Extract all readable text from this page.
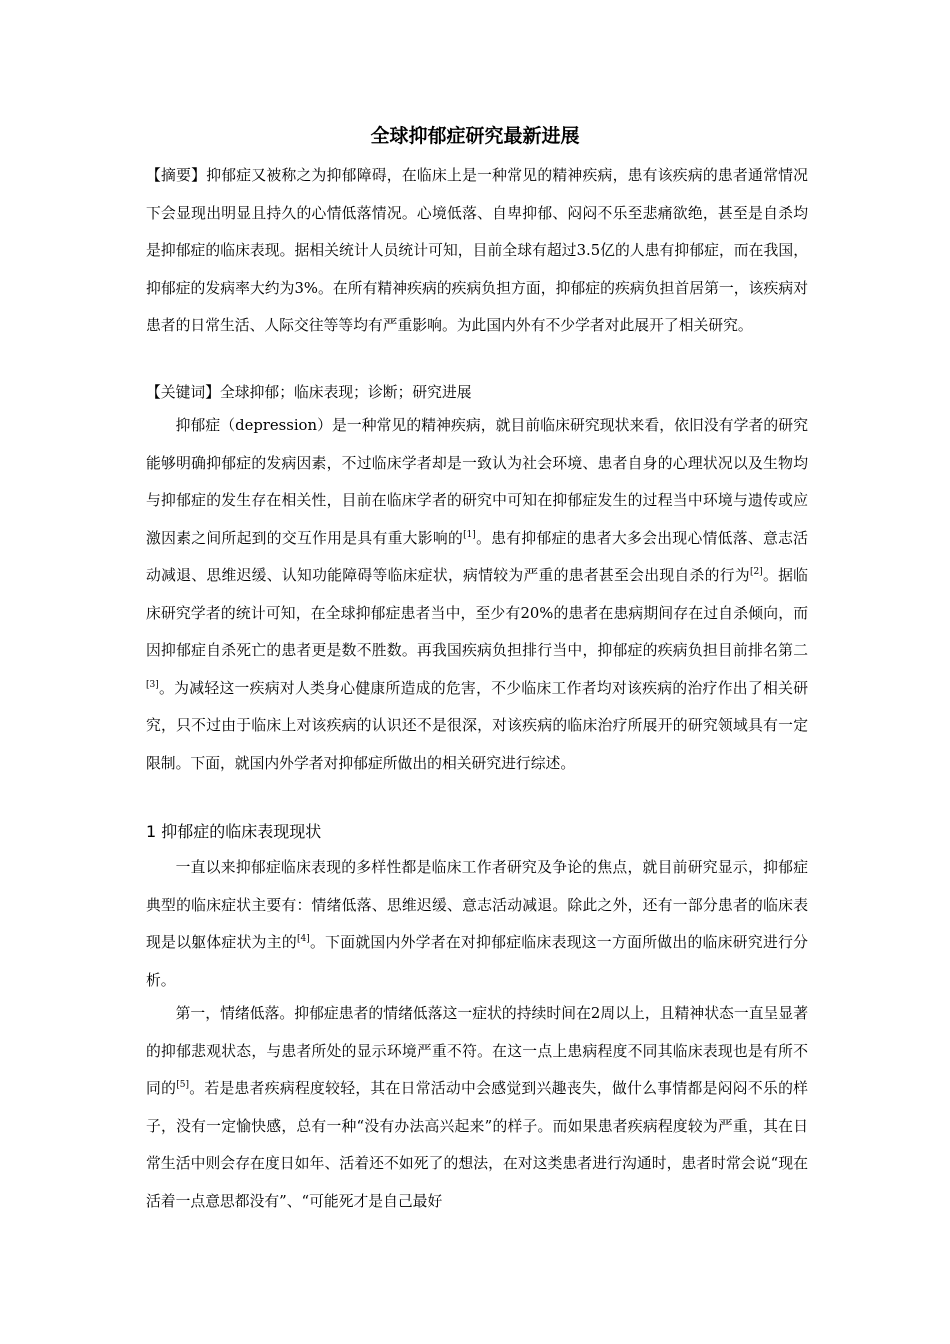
全球抑郁症研究最新进展

【摘要】抑郁症又被称之为抑郁障碍，在临床上是一种常见的精神疾病，患有该疾病的患者通常情况下会显现出明显且持久的心情低落情况。心境低落、自卑抑郁、闷闷不乐至悲痛欲绝，甚至是自杀均是抑郁症的临床表现。据相关统计人员统计可知，目前全球有超过3.5亿的人患有抑郁症，而在我国，抑郁症的发病率大约为3%。在所有精神疾病的疾病负担方面，抑郁症的疾病负担首居第一，该疾病对患者的日常生活、人际交往等等均有严重影响。为此国内外有不少学者对此展开了相关研究。

【关键词】全球抑郁；临床表现；诊断；研究进展

抑郁症（depression）是一种常见的精神疾病，就目前临床研究现状来看，依旧没有学者的研究能够明确抑郁症的发病因素，不过临床学者却是一致认为社会环境、患者自身的心理状况以及生物均与抑郁症的发生存在相关性，目前在临床学者的研究中可知在抑郁症发生的过程当中环境与遗传或应激因素之间所起到的交互作用是具有重大影响的[1]。患有抑郁症的患者大多会出现心情低落、意志活动减退、思维迟缓、认知功能障碍等临床症状，病情较为严重的患者甚至会出现自杀的行为[2]。据临床研究学者的统计可知，在全球抑郁症患者当中，至少有20%的患者在患病期间存在过自杀倾向，而因抑郁症自杀死亡的患者更是数不胜数。再我国疾病负担排行当中，抑郁症的疾病负担目前排名第二[3]。为减轻这一疾病对人类身心健康所造成的危害，不少临床工作者均对该疾病的治疗作出了相关研究，只不过由于临床上对该疾病的认识还不是很深，对该疾病的临床治疗所展开的研究领域具有一定限制。下面，就国内外学者对抑郁症所做出的相关研究进行综述。

1 抑郁症的临床表现现状

一直以来抑郁症临床表现的多样性都是临床工作者研究及争论的焦点，就目前研究显示，抑郁症典型的临床症状主要有：情绪低落、思维迟缓、意志活动减退。除此之外，还有一部分患者的临床表现是以躯体症状为主的[4]。下面就国内外学者在对抑郁症临床表现这一方面所做出的临床研究进行分析。

第一，情绪低落。抑郁症患者的情绪低落这一症状的持续时间在2周以上，且精神状态一直呈显著的抑郁悲观状态，与患者所处的显示环境严重不符。在这一点上患病程度不同其临床表现也是有所不同的[5]。若是患者疾病程度较轻，其在日常活动中会感觉到兴趣丧失，做什么事情都是闷闷不乐的样子，没有一定愉快感，总有一种“没有办法高兴起来”的样子。而如果患者疾病程度较为严重，其在日常生活中则会存在度日如年、活着还不如死了的想法，在对这类患者进行沟通时，患者时常会说“现在活着一点意思都没有”、“可能死才是自己最好
